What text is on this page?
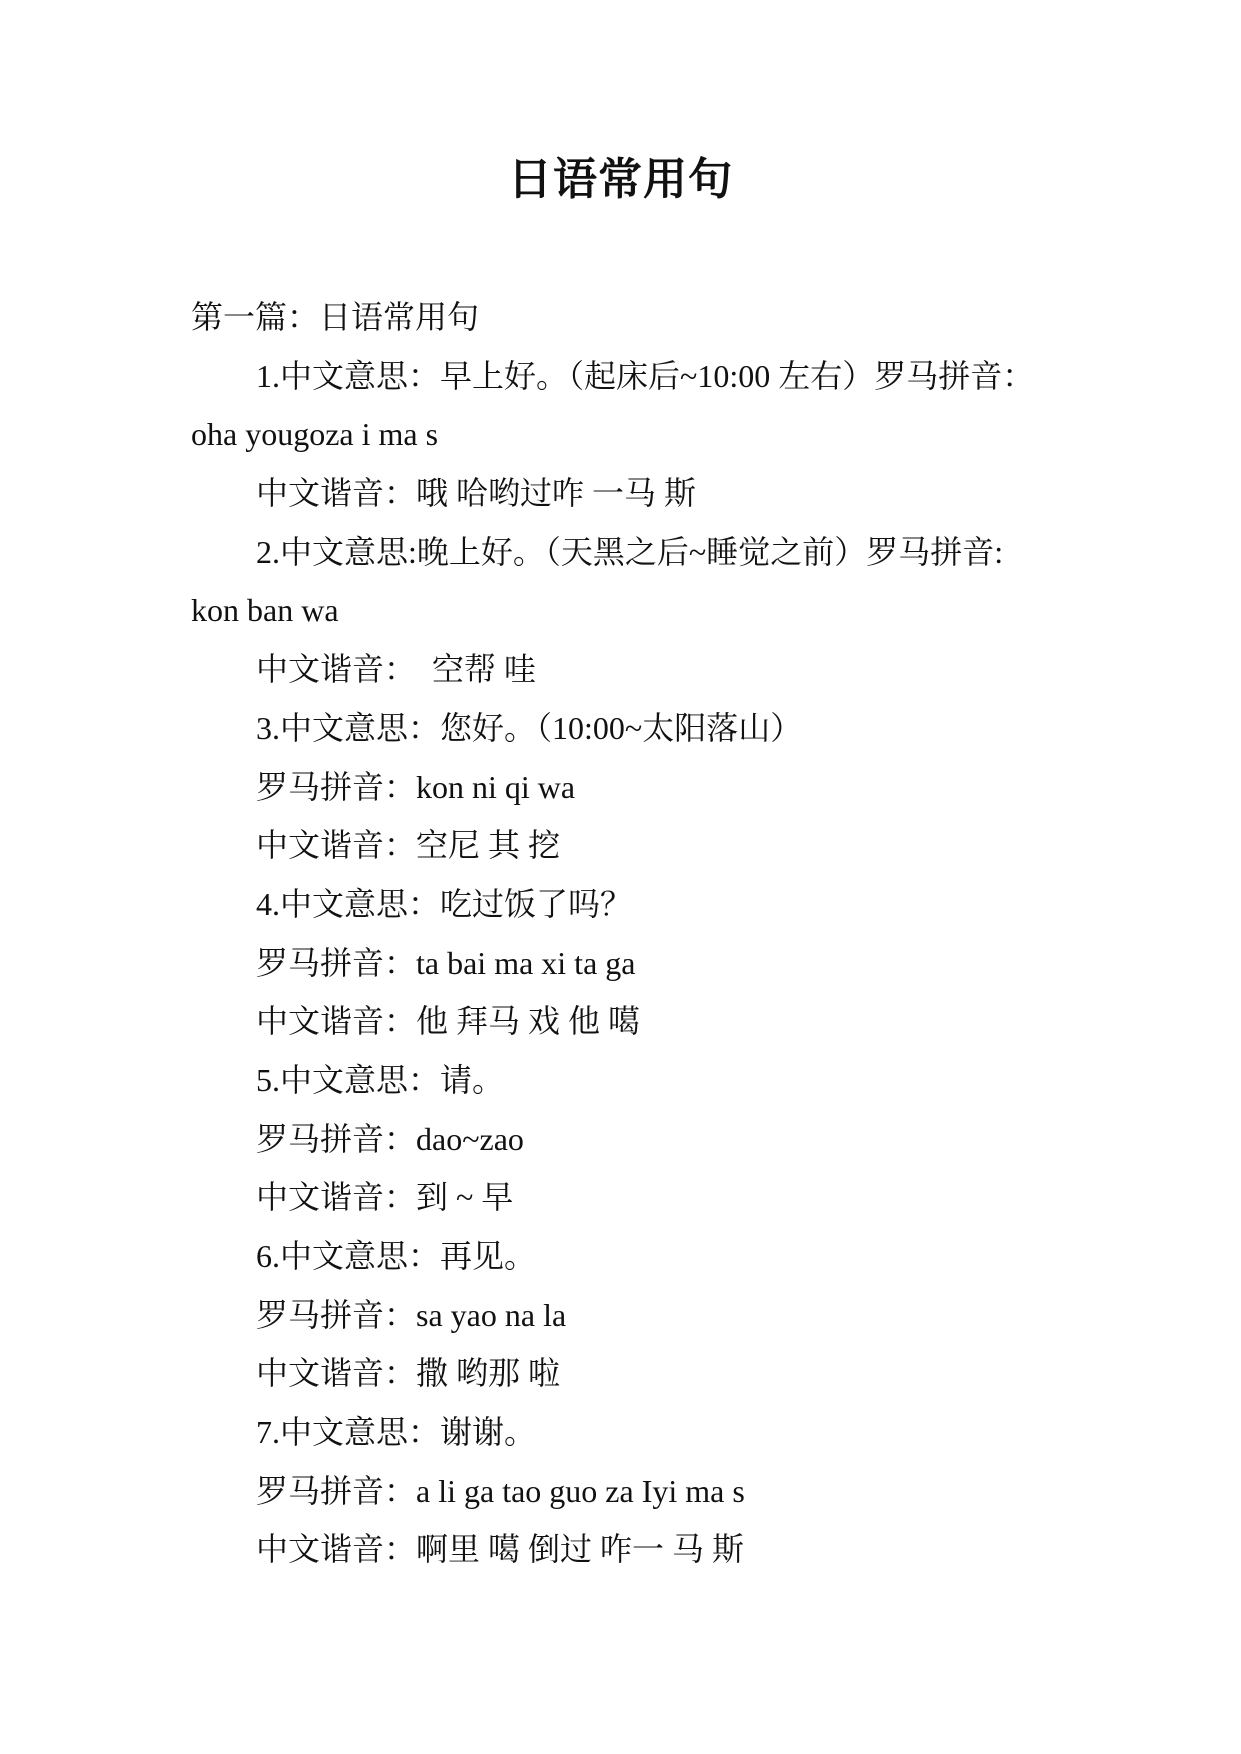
日语常用句
第一篇：日语常用句
1.中文意思：早上好。（起床后~10:00 左右）罗马拼音：
oha yougoza i ma s
中文谐音：哦 哈哟过咋 一马 斯
2.中文意思:晚上好。（天黑之后~睡觉之前）罗马拼音:
kon ban wa
中文谐音：  空帮 哇
3.中文意思：您好。（10:00~太阳落山）
罗马拼音：kon ni qi wa
中文谐音：空尼 其 挖
4.中文意思：吃过饭了吗？
罗马拼音：ta bai ma xi ta ga
中文谐音：他 拜马 戏 他 噶
5.中文意思：请。
罗马拼音：dao~zao
中文谐音：到 ~ 早
6.中文意思：再见。
罗马拼音：sa yao na la
中文谐音：撒 哟那 啦
7.中文意思：谢谢。
罗马拼音：a li ga tao guo za Iyi ma s
中文谐音：啊里 噶 倒过 咋一 马 斯
